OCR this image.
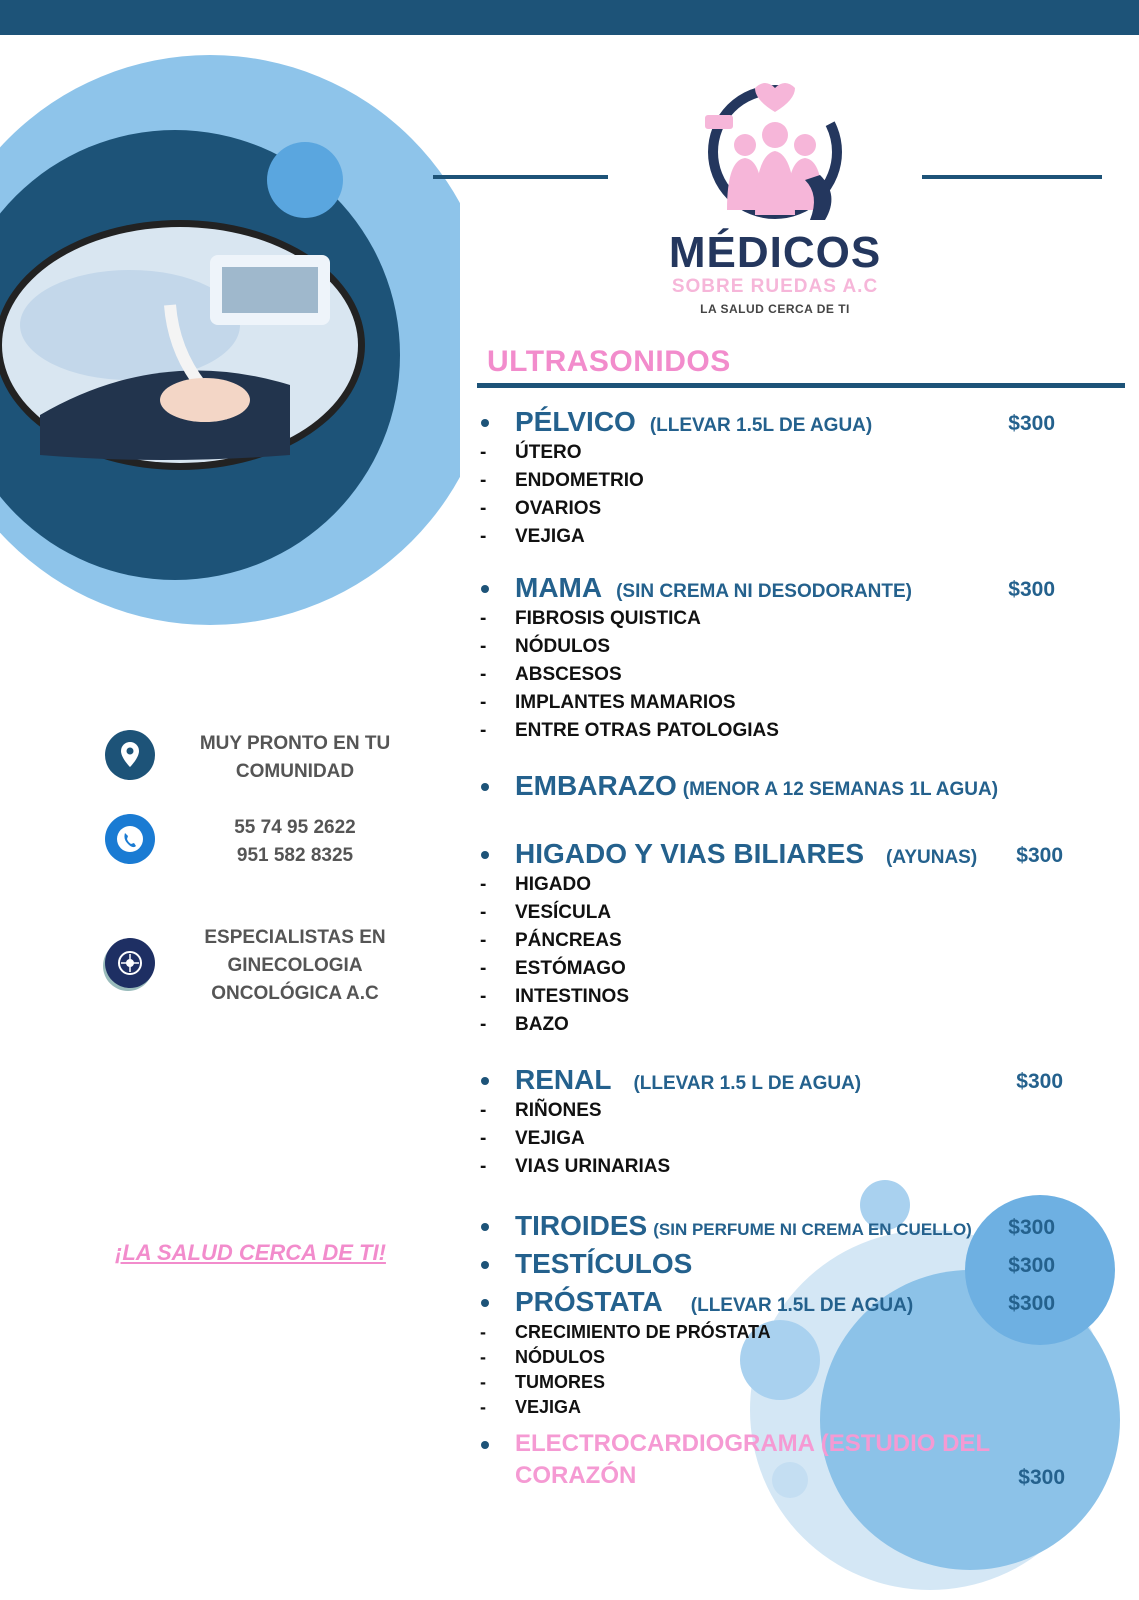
MÉDICOS
SOBRE RUEDAS A.C
LA SALUD CERCA DE TI
ULTRASONIDOS
PÉLVICO (LLEVAR 1.5L DE AGUA)	$300
- ÚTERO
- ENDOMETRIO
- OVARIOS
- VEJIGA
MAMA (SIN CREMA NI DESODORANTE)	$300
- FIBROSIS QUISTICA
- NÓDULOS
- ABSCESOS
- IMPLANTES MAMARIOS
- ENTRE OTRAS PATOLOGIAS
EMBARAZO (MENOR A 12 SEMANAS 1L AGUA)
HIGADO Y VIAS BILIARES (AYUNAS) $300
- HIGADO
- VESÍCULA
- PÁNCREAS
- ESTÓMAGO
- INTESTINOS
- BAZO
RENAL (LLEVAR 1.5 L DE AGUA)	$300
- RIÑONES
- VEJIGA
- VIAS URINARIAS
TIROIDES (SIN PERFUME NI CREMA EN CUELLO) $300
TESTÍCULOS	$300
PRÓSTATA (LLEVAR 1.5L DE AGUA)	$300
- CRECIMIENTO DE PRÓSTATA
- NÓDULOS
- TUMORES
- VEJIGA
ELECTROCARDIOGRAMA (ESTUDIO DEL
CORAZÓN	$300
MUY PRONTO EN TU
COMUNIDAD
55 74 95 2622
951 582 8325
ESPECIALISTAS EN
GINECOLOGIA
ONCOLÓGICA A.C
¡LA SALUD CERCA DE TI!
